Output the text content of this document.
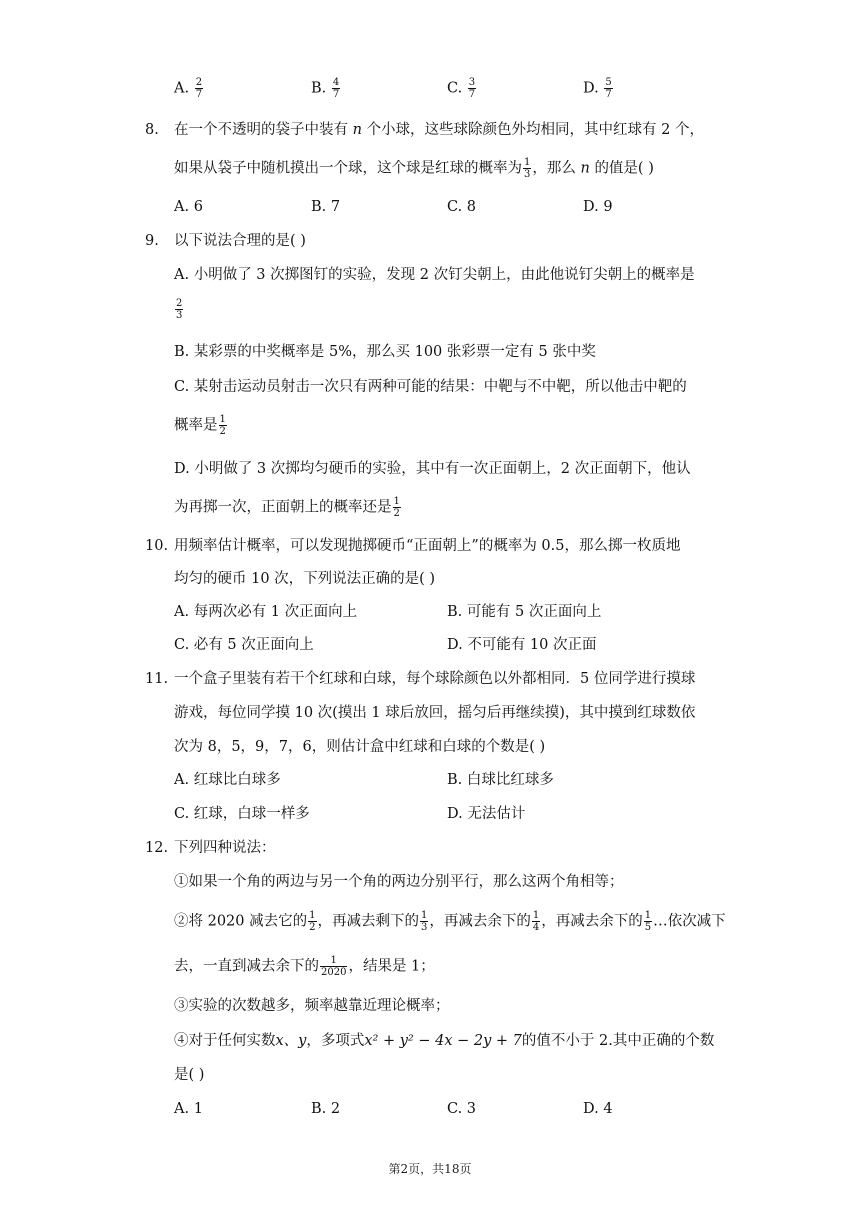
A. $\frac{2}{7}$	B. $\frac{4}{7}$	C. $\frac{3}{7}$	D. $\frac{5}{7}$
8. 在一个不透明的袋子中装有 n 个小球，这些球除颜色外均相同，其中红球有 2 个，
如果从袋子中随机摸出一个球，这个球是红球的概率为 $\frac{1}{3}$ ，那么 n 的值是( )
A. 6	B. 7	C. 8	D. 9
9. 以下说法合理的是( )
A. 小明做了 3 次掷图钉的实验，发现 2 次钉尖朝上，由此他说钉尖朝上的概率是
$\frac{2}{3}$
B. 某彩票的中奖概率是 5%，那么买 100 张彩票一定有 5 张中奖
C. 某射击运动员射击一次只有两种可能的结果：中靶与不中靶，所以他击中靶的
概率是 $\frac{1}{2}$
D. 小明做了 3 次掷均匀硬币的实验，其中有一次正面朝上，2 次正面朝下，他认
为再掷一次，正面朝上的概率还是 $\frac{1}{2}$
10. 用频率估计概率，可以发现抛掷硬币“正面朝上”的概率为 0.5，那么掷一枚质地
均匀的硬币 10 次，下列说法正确的是( )
A. 每两次必有 1 次正面向上	B. 可能有 5 次正面向上
C. 必有 5 次正面向上	D. 不可能有 10 次正面
11. 一个盒子里装有若干个红球和白球，每个球除颜色以外都相同．5 位同学进行摸球
游戏，每位同学摸 10 次(摸出 1 球后放回，摇匀后再继续摸)，其中摸到红球数依
次为 8，5，9，7，6，则估计盒中红球和白球的个数是( )
A. 红球比白球多	B. 白球比红球多
C. 红球，白球一样多	D. 无法估计
12. 下列四种说法：
①如果一个角的两边与另一个角的两边分别平行，那么这两个角相等；
②将 2020 减去它的 $\frac{1}{2}$ ，再减去剩下的 $\frac{1}{3}$ ，再减去余下的 $\frac{1}{4}$ ，再减去余下的 $\frac{1}{5}$ …依次减下
去，一直到减去余下的 $\frac{1}{2020}$ ，结果是 1；
③实验的次数越多，频率越靠近理论概率；
④对于任何实数x、y，多项式x² + y² − 4x − 2y + 7的值不小于 2.其中正确的个数
是( )
A. 1	B. 2	C. 3	D. 4
第2页，共18页
